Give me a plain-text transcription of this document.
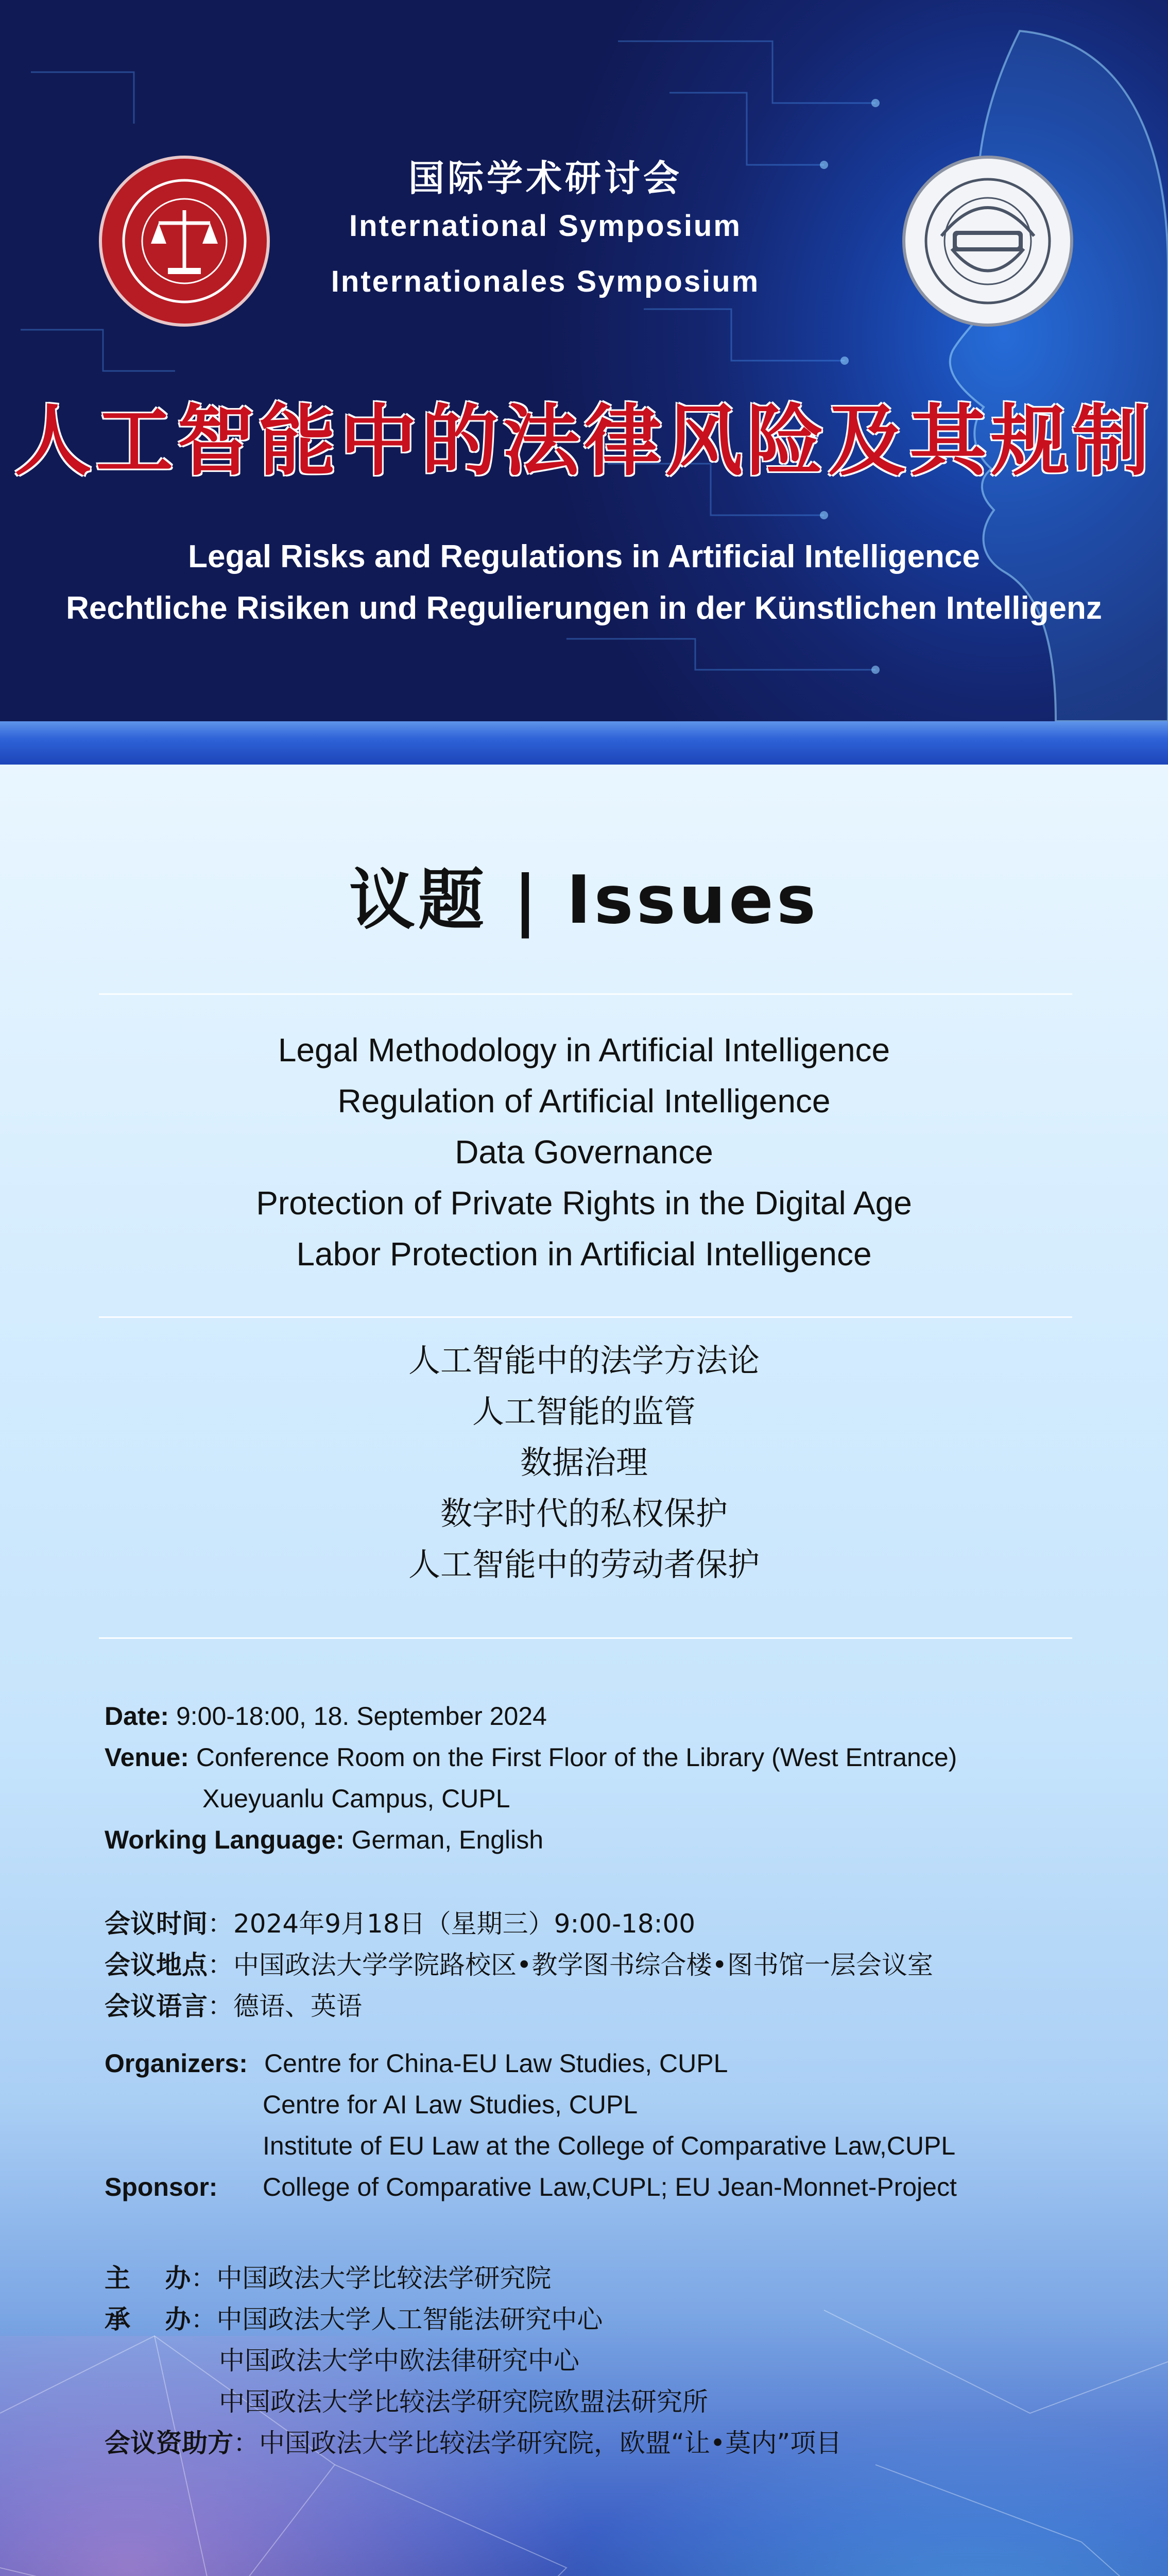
国际学术研讨会
International Symposium
Internationales Symposium
人工智能中的法律风险及其规制
Legal Risks and Regulations in Artificial Intelligence
Rechtliche Risiken und Regulierungen in der Künstlichen Intelligenz
议题 | Issues
Legal Methodology in Artificial Intelligence
Regulation of Artificial Intelligence
Data Governance
Protection of Private Rights in the Digital Age
Labor Protection in Artificial Intelligence
人工智能中的法学方法论
人工智能的监管
数据治理
数字时代的私权保护
人工智能中的劳动者保护
Date: 9:00-18:00, 18. September 2024
Venue: Conference Room on the First Floor of the Library (West Entrance)
Xueyuanlu Campus, CUPL
Working Language: German, English
会议时间：2024年9月18日（星期三）9:00-18:00
会议地点：中国政法大学学院路校区•教学图书综合楼•图书馆一层会议室
会议语言：德语、英语
Organizers: Centre for China-EU Law Studies, CUPL
Centre for AI Law Studies, CUPL
Institute of EU Law at the College of Comparative Law,CUPL
Sponsor: College of Comparative Law,CUPL; EU Jean-Monnet-Project
主　 办：中国政法大学比较法学研究院
承　 办：中国政法大学人工智能法研究中心
中国政法大学中欧法律研究中心
中国政法大学比较法学研究院欧盟法研究所
会议资助方：中国政法大学比较法学研究院，欧盟“让•莫内”项目
